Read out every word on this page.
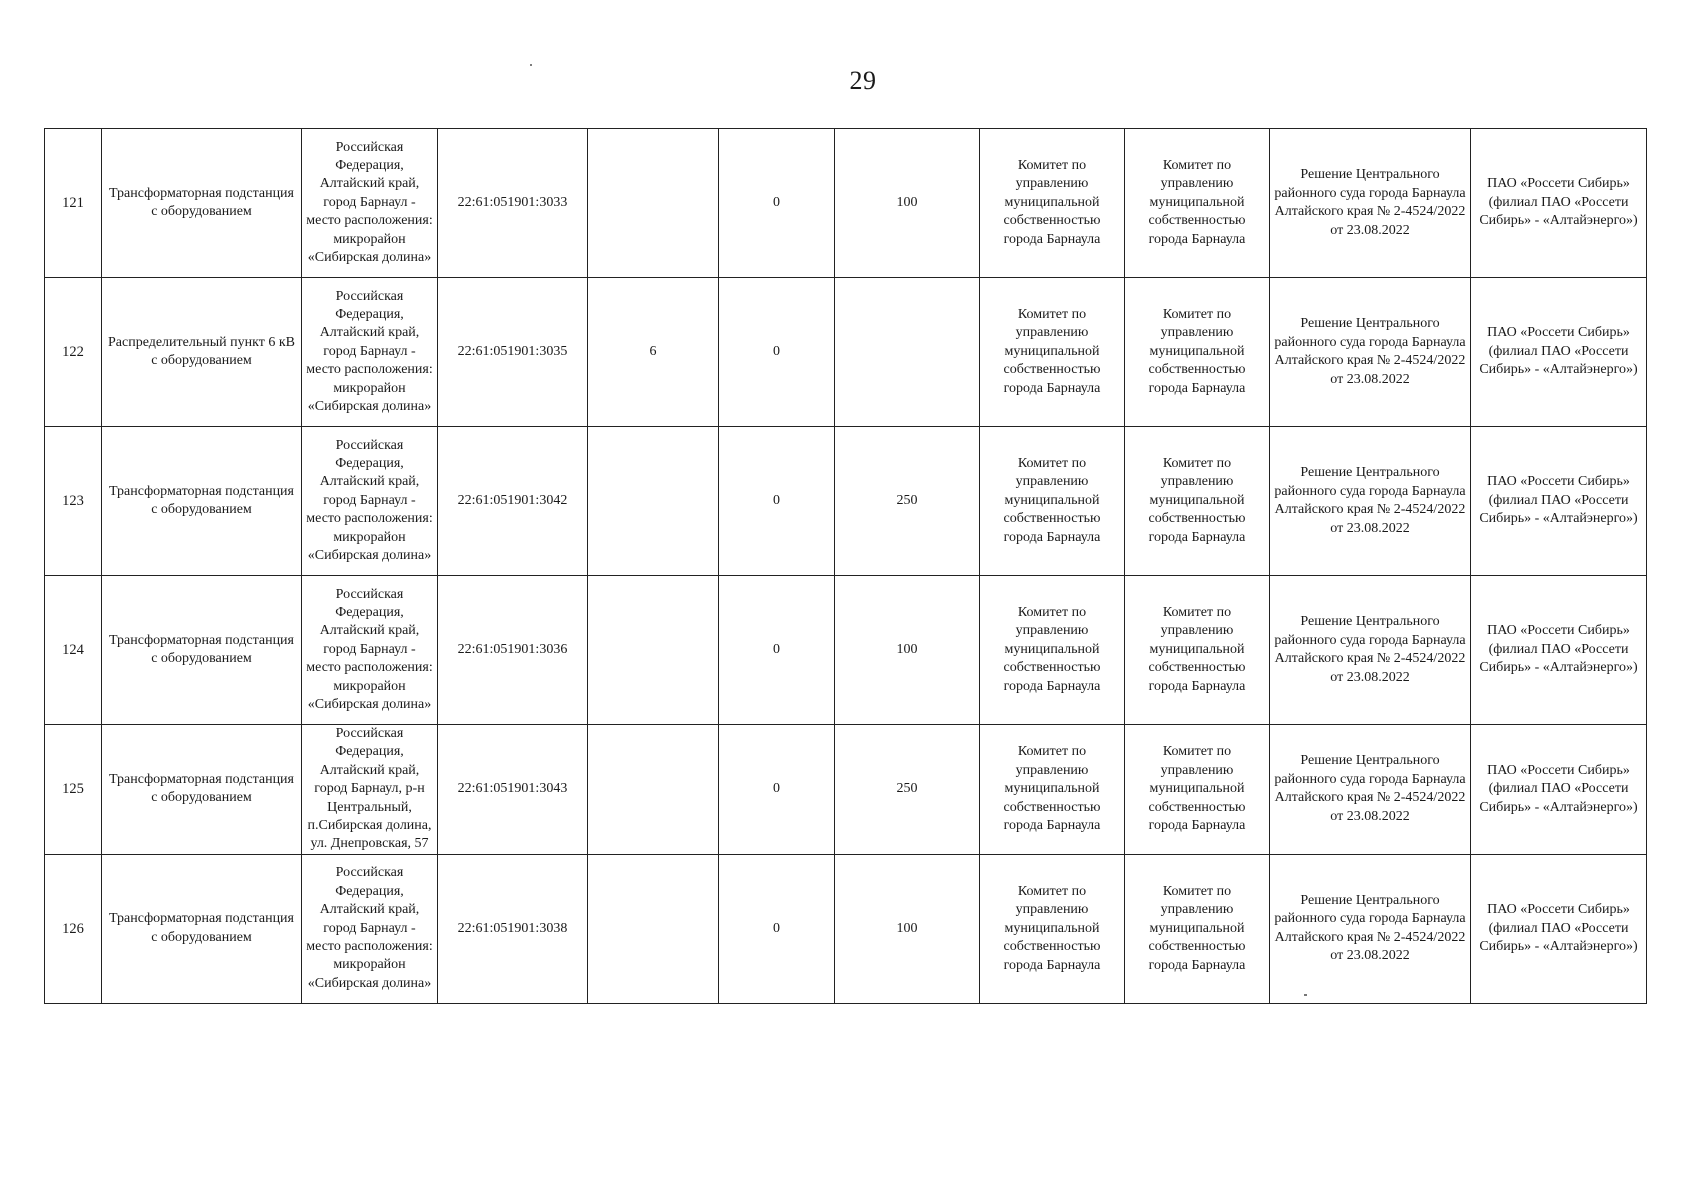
29
121	Трансформаторная подстанция с оборудованием	Российская Федерация, Алтайский край, город Барнаул - место расположения: микрорайон «Сибирская долина»	22:61:051901:3033		0	100	Комитет по управлению муниципальной собственностью города Барнаула	Комитет по управлению муниципальной собственностью города Барнаула	Решение Центрального районного суда города Барнаула Алтайского края № 2-4524/2022 от 23.08.2022	ПАО «Россети Сибирь» (филиал ПАО «Россети Сибирь» - «Алтайэнерго»)
122	Распределительный пункт 6 кВ с оборудованием	Российская Федерация, Алтайский край, город Барнаул - место расположения: микрорайон «Сибирская долина»	22:61:051901:3035	6	0		Комитет по управлению муниципальной собственностью города Барнаула	Комитет по управлению муниципальной собственностью города Барнаула	Решение Центрального районного суда города Барнаула Алтайского края № 2-4524/2022 от 23.08.2022	ПАО «Россети Сибирь» (филиал ПАО «Россети Сибирь» - «Алтайэнерго»)
123	Трансформаторная подстанция с оборудованием	Российская Федерация, Алтайский край, город Барнаул - место расположения: микрорайон «Сибирская долина»	22:61:051901:3042		0	250	Комитет по управлению муниципальной собственностью города Барнаула	Комитет по управлению муниципальной собственностью города Барнаула	Решение Центрального районного суда города Барнаула Алтайского края № 2-4524/2022 от 23.08.2022	ПАО «Россети Сибирь» (филиал ПАО «Россети Сибирь» - «Алтайэнерго»)
124	Трансформаторная подстанция с оборудованием	Российская Федерация, Алтайский край, город Барнаул - место расположения: микрорайон «Сибирская долина»	22:61:051901:3036		0	100	Комитет по управлению муниципальной собственностью города Барнаула	Комитет по управлению муниципальной собственностью города Барнаула	Решение Центрального районного суда города Барнаула Алтайского края № 2-4524/2022 от 23.08.2022	ПАО «Россети Сибирь» (филиал ПАО «Россети Сибирь» - «Алтайэнерго»)
125	Трансформаторная подстанция с оборудованием	Российская Федерация, Алтайский край, город Барнаул, р-н Центральный, п.Сибирская долина, ул. Днепровская, 57	22:61:051901:3043		0	250	Комитет по управлению муниципальной собственностью города Барнаула	Комитет по управлению муниципальной собственностью города Барнаула	Решение Центрального районного суда города Барнаула Алтайского края № 2-4524/2022 от 23.08.2022	ПАО «Россети Сибирь» (филиал ПАО «Россети Сибирь» - «Алтайэнерго»)
126	Трансформаторная подстанция с оборудованием	Российская Федерация, Алтайский край, город Барнаул - место расположения: микрорайон «Сибирская долина»	22:61:051901:3038		0	100	Комитет по управлению муниципальной собственностью города Барнаула	Комитет по управлению муниципальной собственностью города Барнаула	Решение Центрального районного суда города Барнаула Алтайского края № 2-4524/2022 от 23.08.2022	ПАО «Россети Сибирь» (филиал ПАО «Россети Сибирь» - «Алтайэнерго»)
